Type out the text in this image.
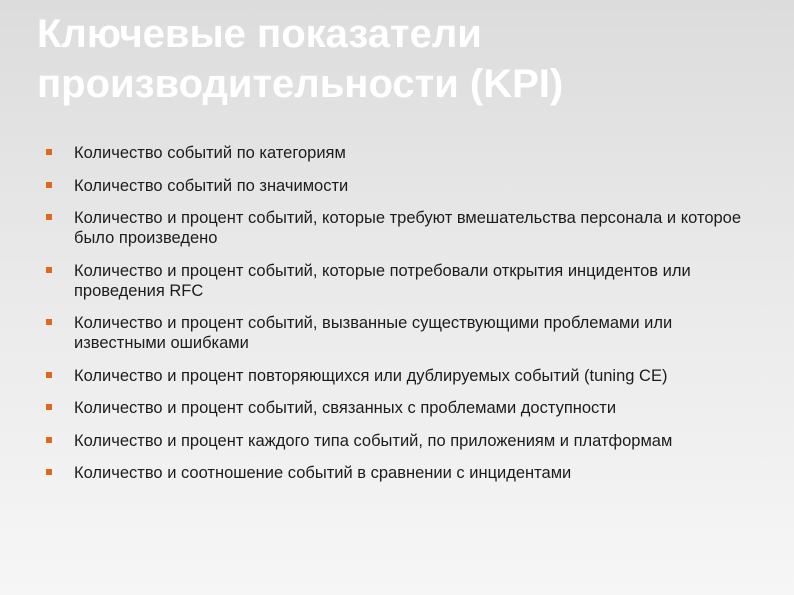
Ключевые показатели производительности (KPI)
Количество событий по категориям
Количество событий по значимости
Количество и процент событий, которые требуют вмешательства персонала и которое было произведено
Количество и процент событий, которые потребовали открытия инцидентов или проведения RFC
Количество и процент событий, вызванные существующими проблемами или известными ошибками
Количество и процент повторяющихся или дублируемых событий (tuning CE)
Количество и процент событий, связанных с проблемами доступности
Количество и процент каждого типа событий, по приложениям и платформам
Количество и соотношение событий в сравнении с инцидентами
